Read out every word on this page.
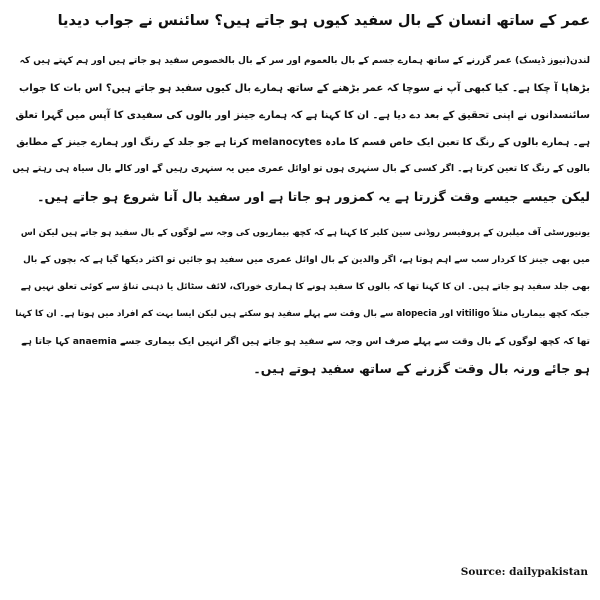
عمر کے ساتھ انسان کے بال سفید کیوں ہو جاتے ہیں؟ سائنس نے جواب دیدیا
لندن(نیوز ڈیسک) عمر گزرنے کے ساتھ ہمارے جسم کے بال بالعموم اور سر کے بال بالخصوص سفید ہو جاتے ہیں اور ہم کہتے ہیں کہ
بڑھاپا آ چکا ہے۔ کیا کبھی آپ نے سوچا کہ عمر بڑھنے کے ساتھ ہمارے بال کیوں سفید ہو جاتے ہیں؟ اس بات کا جواب
سائنسدانوں نے اپنی تحقیق کے بعد دے دیا ہے۔ ان کا کہنا ہے کہ ہمارے جینز اور بالوں کی سفیدی کا آپس میں گہرا تعلق
ہے۔ ہمارے بالوں کے رنگ کا تعین ایک خاص قسم کا مادہ melanocytes کرتا ہے جو جلد کے رنگ اور ہمارے جینز کے مطابق
بالوں کے رنگ کا تعین کرتا ہے۔ اگر کسی کے بال سنہری ہوں تو اوائل عمری میں یہ سنہری رہیں گے اور کالے بال سیاہ ہی رہتے ہیں
لیکن جیسے جیسے وقت گزرتا ہے یہ کمزور ہو جاتا ہے اور سفید بال آنا شروع ہو جاتے ہیں۔
یونیورسٹی آف میلبرن کے پروفیسر روڈنی سین کلیر کا کہنا ہے کہ کچھ بیماریوں کی وجہ سے لوگوں کے بال سفید ہو جاتے ہیں لیکن اس
میں بھی جینز کا کردار سب سے اہم ہوتا ہے، اگر والدین کے بال اوائل عمری میں سفید ہو جائیں تو اکثر دیکھا گیا ہے کہ بچوں کے بال
بھی جلد سفید ہو جاتے ہیں۔ ان کا کہنا تھا کہ بالوں کا سفید ہونے کا ہماری خوراک، لائف سٹائل یا ذہنی تناؤ سے کوئی تعلق نہیں ہے
جبکہ کچھ بیماریاں مثلاً vitiligo اور alopecia سے بال وقت سے پہلے سفید ہو سکتے ہیں لیکن ایسا بہت کم افراد میں ہوتا ہے۔ ان کا کہنا
تھا کہ کچھ لوگوں کے بال وقت سے پہلے صرف اس وجہ سے سفید ہو جاتے ہیں اگر انہیں ایک بیماری جسے anaemia کہا جاتا ہے
ہو جائے ورنہ بال وقت گزرنے کے ساتھ سفید ہوتے ہیں۔
Source: dailypakistan
